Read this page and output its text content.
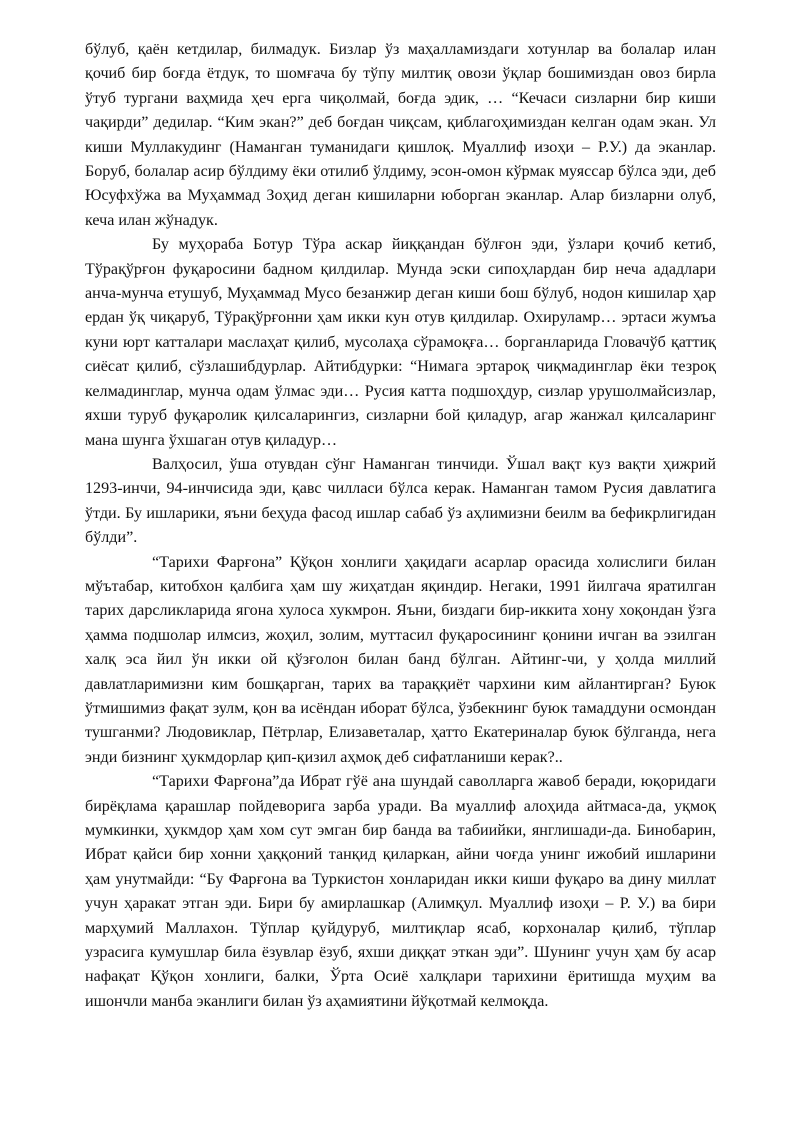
бўлуб, қаён кетдилар, билмадук. Бизлар ўз маҳалламиздаги хотунлар ва болалар илан қочиб бир боғда ётдук, то шомғача бу тўпу милтиқ овози ўқлар бошимиздан овоз бирла ўтуб тургани ваҳмида ҳеч ерга чиқолмай, боғда эдик, … “Кечаси сизларни бир киши чақирди” дедилар. “Ким экан?” деб боғдан чиқсам, қиблагоҳимиздан келган одам экан. Ул киши Муллакудинг (Наманган туманидаги қишлоқ. Муаллиф изоҳи – Р.У.) да эканлар. Боруб, болалар асир бўлдиму ёки отилиб ўлдиму, эсон-омон кўрмак муяссар бўлса эди, деб Юсуфхўжа ва Муҳаммад Зоҳид деган кишиларни юборган эканлар. Алар бизларни олуб, кеча илан жўнадук.

Бу муҳораба Ботур Тўра аскар йиққандан бўлғон эди, ўзлари қочиб кетиб, Тўрақўрғон фуқаросини бадном қилдилар. Мунда эски сипоҳлардан бир неча ададлари анча-мунча етушуб, Муҳаммад Мусо безанжир деган киши бош бўлуб, нодон кишилар ҳар ердан ўқ чиқаруб, Тўрақўрғонни ҳам икки кун отув қилдилар. Охируламр… эртаси жумъа куни юрт катталари маслаҳат қилиб, мусолаҳа сўрамоқға… борганларида Гловачўб қаттиқ сиёсат қилиб, сўзлашибдурлар. Айтибдурки: “Нимага эртароқ чиқмадинглар ёки тезроқ келмадинглар, мунча одам ўлмас эди… Русия катта подшоҳдур, сизлар урушолмайсизлар, яхши туруб фуқаролик қилсаларингиз, сизларни бой қиладур, агар жанжал қилсаларинг мана шунга ўхшаган отув қиладур…

Валҳосил, ўша отувдан сўнг Наманган тинчиди. Ўшал вақт куз вақти ҳижрий 1293-инчи, 94-инчисида эди, қавс чилласи бўлса керак. Наманган тамом Русия давлатига ўтди. Бу ишларики, яъни беҳуда фасод ишлар сабаб ўз аҳлимизни беилм ва бефикрлигидан бўлди”.

“Тарихи Фарғона” Қўқон хонлиги ҳақидаги асарлар орасида холислиги билан мўътабар, китобхон қалбига ҳам шу жиҳатдан яқиндир. Негаки, 1991 йилгача яратилган тарих дарсликларида ягона хулоса хукмрон. Яъни, биздаги бир-иккита хону хоқондан ўзга ҳамма подшолар илмсиз, жоҳил, золим, муттасил фуқаросининг қонини ичган ва эзилган халқ эса йил ўн икки ой қўзғолон билан банд бўлган. Айтинг-чи, у ҳолда миллий давлатларимизни ким бошқарган, тарих ва тараққиёт чархини ким айлантирган? Буюк ўтмишимиз фақат зулм, қон ва исёндан иборат бўлса, ўзбекнинг буюк тамаддуни осмондан тушганми? Людовиклар, Пётрлар, Елизаветалар, ҳатто Екатериналар буюк бўлганда, нега энди бизнинг ҳукмдорлар қип-қизил аҳмоқ деб сифатланиши керак?..

“Тарихи Фарғона”да Ибрат гўё ана шундай саволларга жавоб беради, юқоридаги бирёқлама қарашлар пойдеворига зарба уради. Ва муаллиф алоҳида айтмаса-да, уқмоқ мумкинки, ҳукмдор ҳам хом сут эмган бир банда ва табиийки, янглишади-да. Бинобарин, Ибрат қайси бир хонни ҳаққоний танқид қиларкан, айни чоғда унинг ижобий ишларини ҳам унутмайди: “Бу Фарғона ва Туркистон хонларидан икки киши фуқаро ва дину миллат учун ҳаракат этган эди. Бири бу амирлашкар (Алимқул. Муаллиф изоҳи – Р. У.) ва бири марҳумий Маллахон. Тўплар қуйдуруб, милтиқлар ясаб, корхоналар қилиб, тўплар узрасига кумушлар била ёзувлар ёзуб, яхши диққат эткан эди”. Шунинг учун ҳам бу асар нафақат Қўқон хонлиги, балки, Ўрта Осиё халқлари тарихини ёритишда муҳим ва ишончли манба эканлиги билан ўз аҳамиятини йўқотмай келмоқда.
